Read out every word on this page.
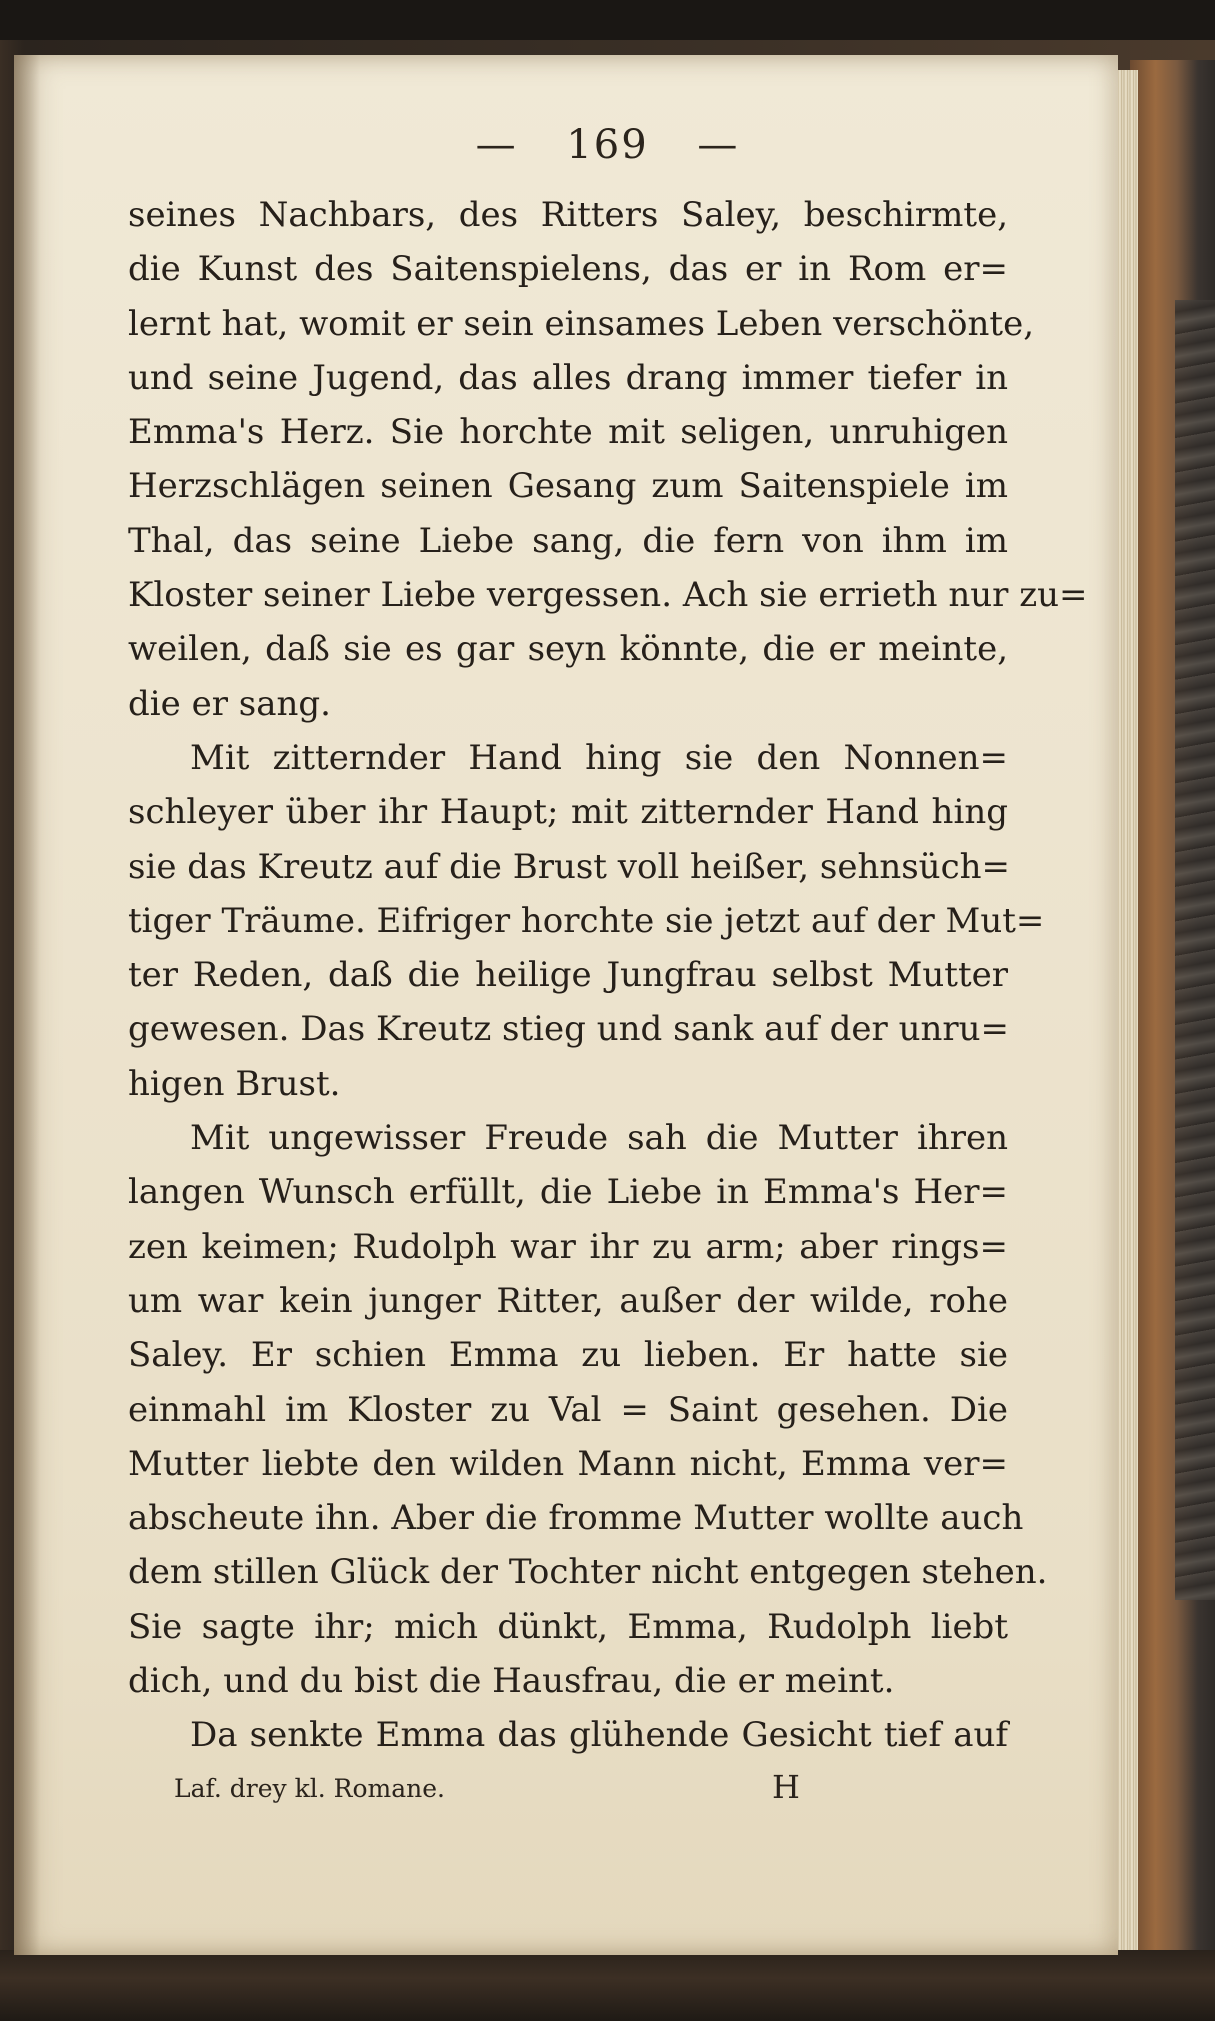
— 169 —
seines Nachbars, des Ritters Saley, beschirmte,
die Kunst des Saitenspielens, das er in Rom er=
lernt hat, womit er sein einsames Leben verschönte,
und seine Jugend, das alles drang immer tiefer in
Emma's Herz. Sie horchte mit seligen, unruhigen
Herzschlägen seinen Gesang zum Saitenspiele im
Thal, das seine Liebe sang, die fern von ihm im
Kloster seiner Liebe vergessen. Ach sie errieth nur zu=
weilen, daß sie es gar seyn könnte, die er meinte,
die er sang.
Mit zitternder Hand hing sie den Nonnen=
schleyer über ihr Haupt; mit zitternder Hand hing
sie das Kreutz auf die Brust voll heißer, sehnsüch=
tiger Träume. Eifriger horchte sie jetzt auf der Mut=
ter Reden, daß die heilige Jungfrau selbst Mutter
gewesen. Das Kreutz stieg und sank auf der unru=
higen Brust.
Mit ungewisser Freude sah die Mutter ihren
langen Wunsch erfüllt, die Liebe in Emma's Her=
zen keimen; Rudolph war ihr zu arm; aber rings=
um war kein junger Ritter, außer der wilde, rohe
Saley. Er schien Emma zu lieben. Er hatte sie
einmahl im Kloster zu Val = Saint gesehen. Die
Mutter liebte den wilden Mann nicht, Emma ver=
abscheute ihn. Aber die fromme Mutter wollte auch
dem stillen Glück der Tochter nicht entgegen stehen.
Sie sagte ihr; mich dünkt, Emma, Rudolph liebt
dich, und du bist die Hausfrau, die er meint.
Da senkte Emma das glühende Gesicht tief auf
Laf. drey kl. Romane.	H
